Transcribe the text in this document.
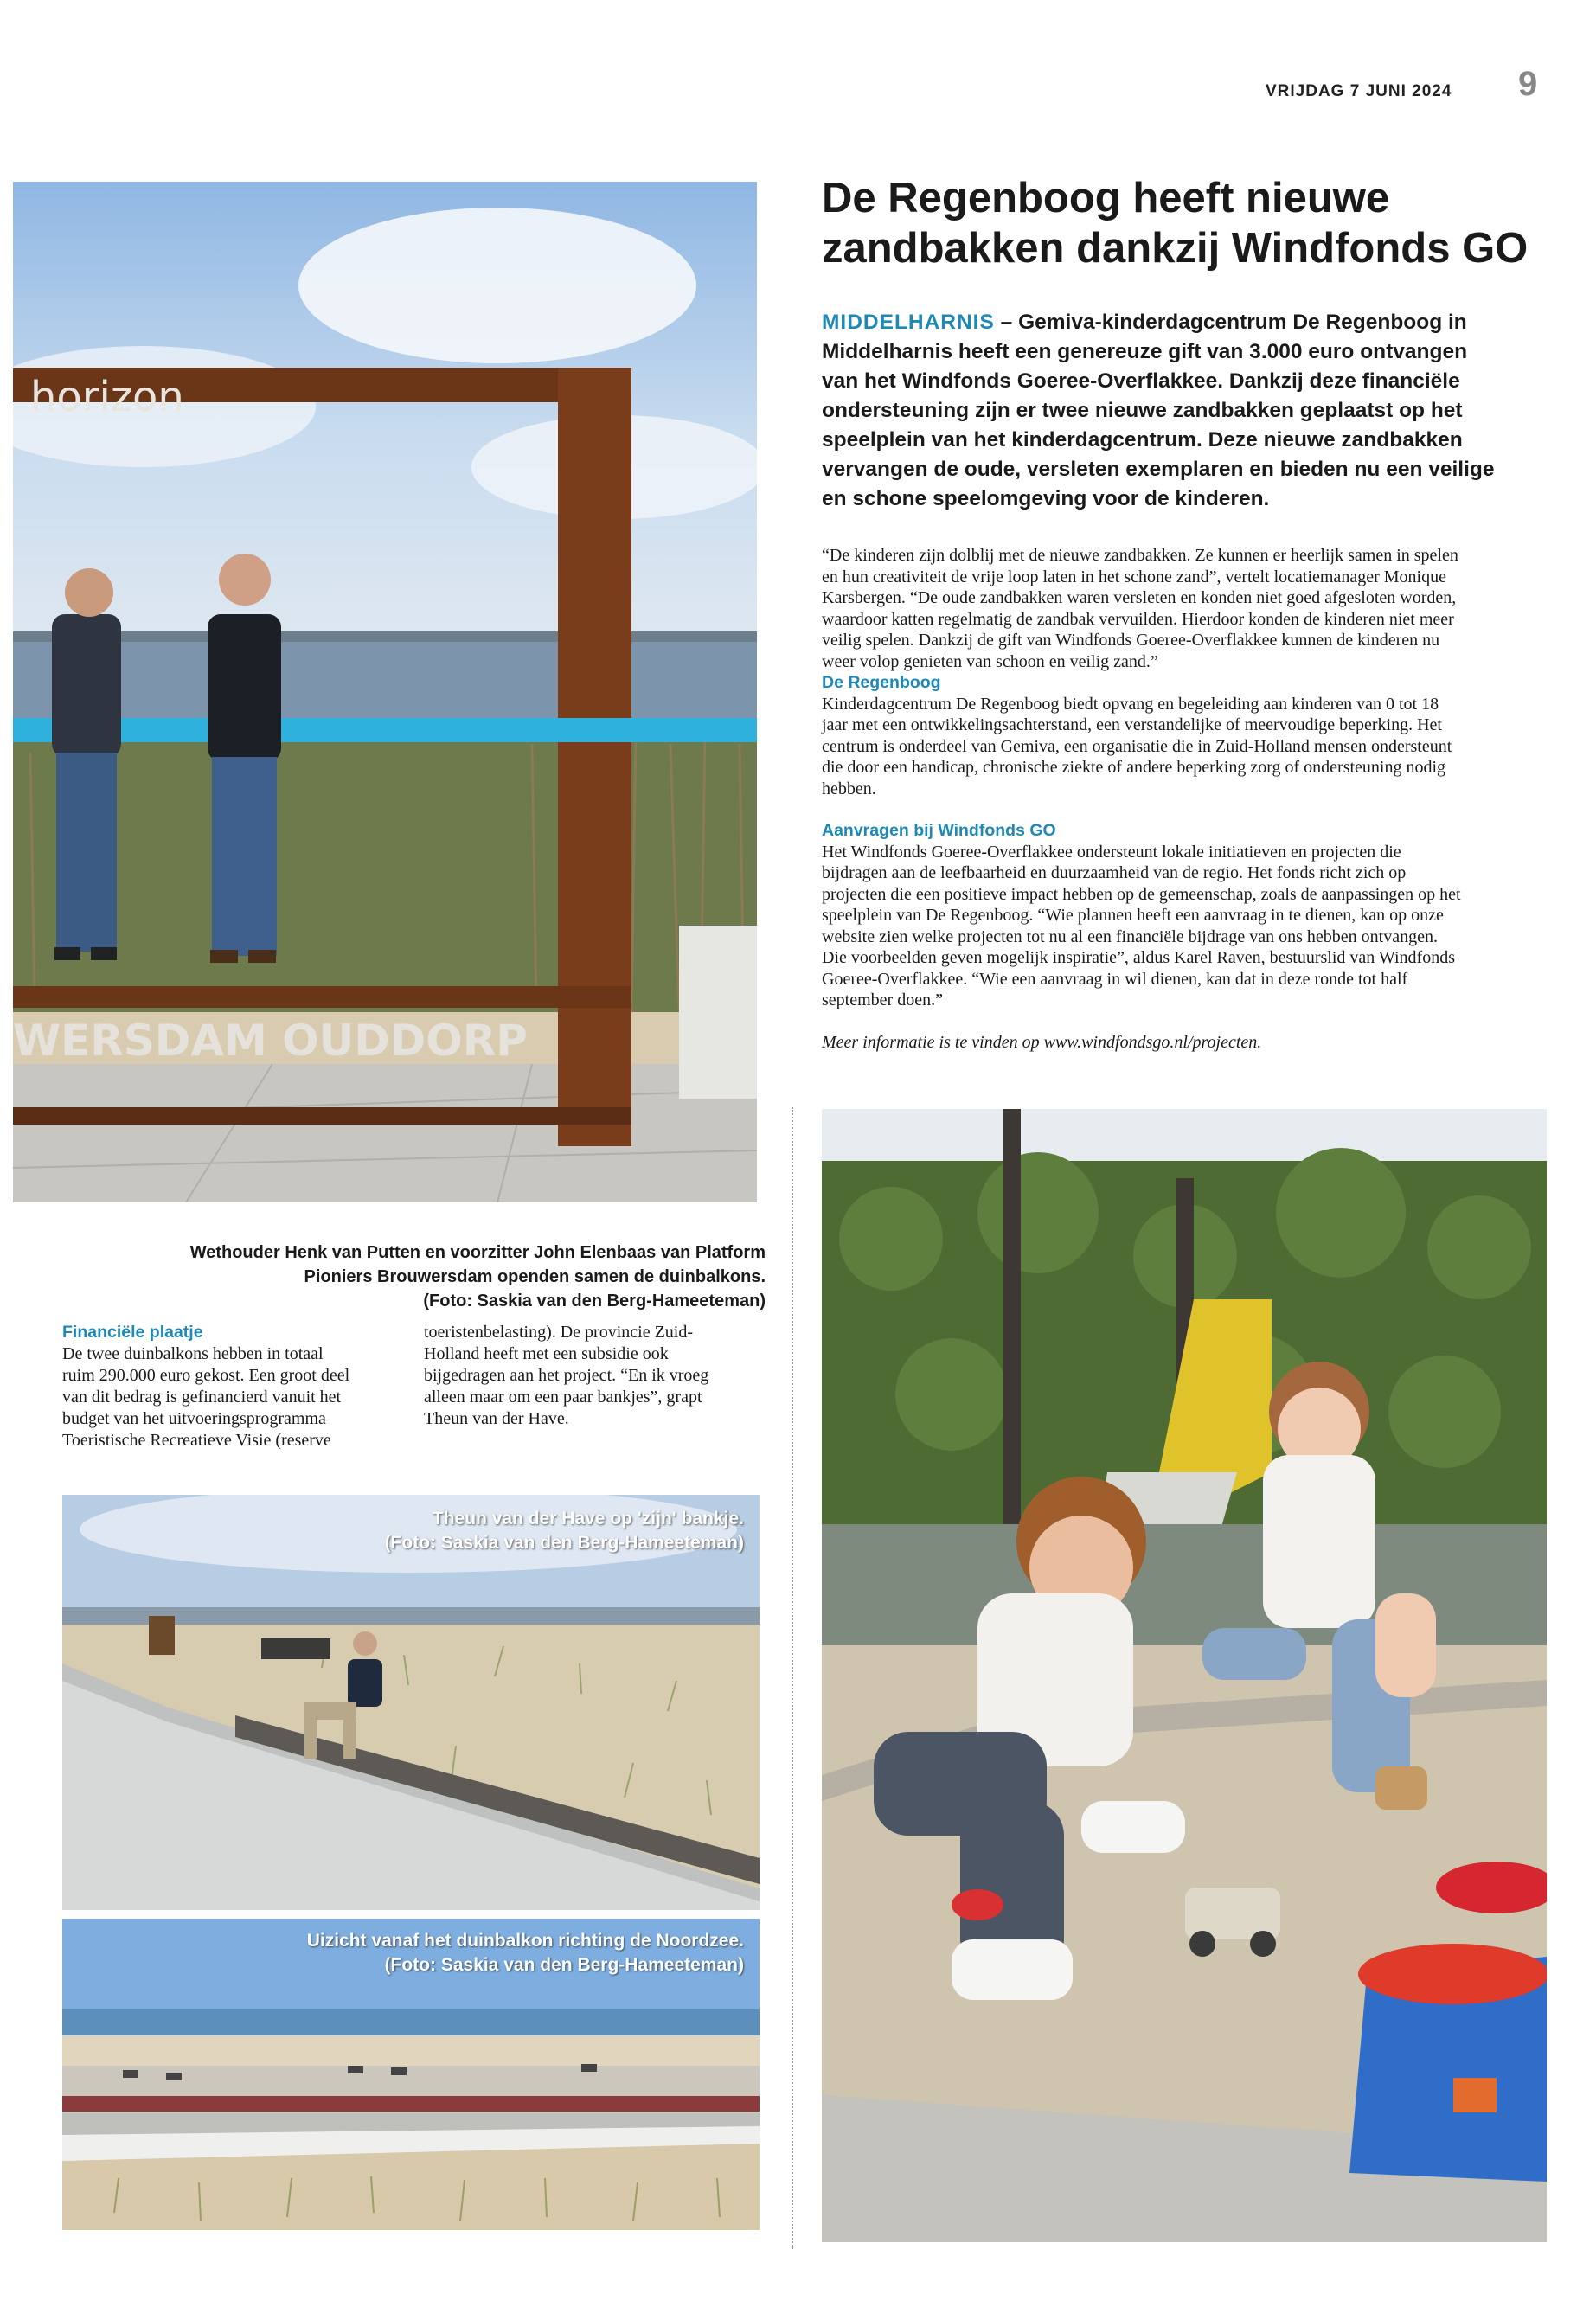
VRIJDAG 7 JUNI 2024 9
horizon
WERSDAM OUDDORP
Wethouder Henk van Putten en voorzitter John Elenbaas van Platform
Pioniers Brouwersdam openden samen de duinbalkons.
(Foto: Saskia van den Berg-Hameeteman)
Financiële plaatje
De twee duinbalkons hebben in totaal
ruim 290.000 euro gekost. Een groot deel
van dit bedrag is gefinancierd vanuit het
budget van het uitvoeringsprogramma
Toeristische Recreatieve Visie (reserve
toeristenbelasting). De provincie Zuid-
Holland heeft met een subsidie ook
bijgedragen aan het project. “En ik vroeg
alleen maar om een paar bankjes”, grapt
Theun van der Have.
Theun van der Have op 'zijn' bankje.
(Foto: Saskia van den Berg-Hameeteman)
Uizicht vanaf het duinbalkon richting de Noordzee.
(Foto: Saskia van den Berg-Hameeteman)
De Regenboog heeft nieuwe
zandbakken dankzij Windfonds GO
MIDDELHARNIS – Gemiva-kinderdagcentrum De Regenboog in
Middelharnis heeft een genereuze gift van 3.000 euro ontvangen
van het Windfonds Goeree-Overflakkee. Dankzij deze financiële
ondersteuning zijn er twee nieuwe zandbakken geplaatst op het
speelplein van het kinderdagcentrum. Deze nieuwe zandbakken
vervangen de oude, versleten exemplaren en bieden nu een veilige
en schone speelomgeving voor de kinderen.
“De kinderen zijn dolblij met de nieuwe zandbakken. Ze kunnen er heerlijk samen in spelen
en hun creativiteit de vrije loop laten in het schone zand”, vertelt locatiemanager Monique
Karsbergen. “De oude zandbakken waren versleten en konden niet goed afgesloten worden,
waardoor katten regelmatig de zandbak vervuilden. Hierdoor konden de kinderen niet meer
veilig spelen. Dankzij de gift van Windfonds Goeree-Overflakkee kunnen de kinderen nu
weer volop genieten van schoon en veilig zand.”
De Regenboog
Kinderdagcentrum De Regenboog biedt opvang en begeleiding aan kinderen van 0 tot 18
jaar met een ontwikkelingsachterstand, een verstandelijke of meervoudige beperking. Het
centrum is onderdeel van Gemiva, een organisatie die in Zuid-Holland mensen ondersteunt
die door een handicap, chronische ziekte of andere beperking zorg of ondersteuning nodig
hebben.
Aanvragen bij Windfonds GO
Het Windfonds Goeree-Overflakkee ondersteunt lokale initiatieven en projecten die
bijdragen aan de leefbaarheid en duurzaamheid van de regio. Het fonds richt zich op
projecten die een positieve impact hebben op de gemeenschap, zoals de aanpassingen op het
speelplein van De Regenboog. “Wie plannen heeft een aanvraag in te dienen, kan op onze
website zien welke projecten tot nu al een financiële bijdrage van ons hebben ontvangen.
Die voorbeelden geven mogelijk inspiratie”, aldus Karel Raven, bestuurslid van Windfonds
Goeree-Overflakkee. “Wie een aanvraag in wil dienen, kan dat in deze ronde tot half
september doen.”
Meer informatie is te vinden op www.windfondsgo.nl/projecten.
